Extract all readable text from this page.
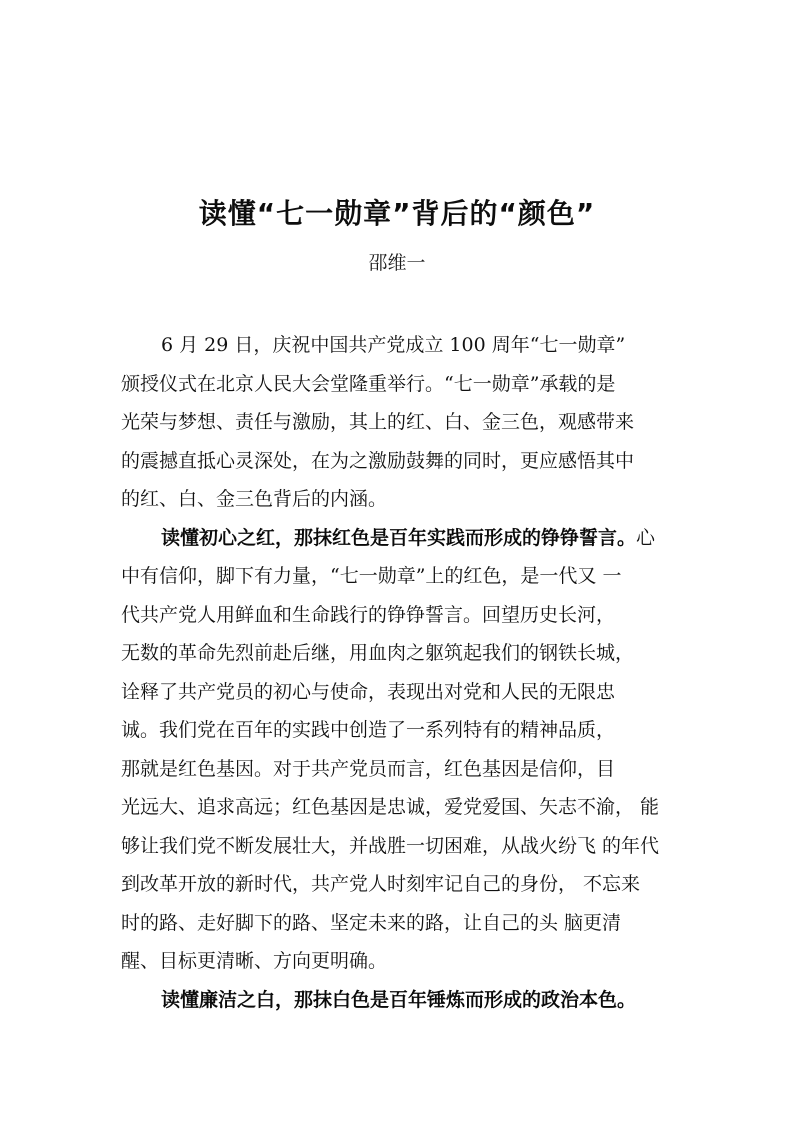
读懂“七一勋章”背后的“颜色”
邵维一
6 月 29 日，庆祝中国共产党成立 100 周年“七一勋章”
颁授仪式在北京人民大会堂隆重举行。“七一勋章”承载的是
光荣与梦想、责任与激励，其上的红、白、金三色，观感带来
的震撼直抵心灵深处，在为之激励鼓舞的同时，更应感悟其中
的红、白、金三色背后的内涵。
读懂初心之红，那抹红色是百年实践而形成的铮铮誓言。心
中有信仰，脚下有力量，“七一勋章”上的红色，是一代又 一
代共产党人用鲜血和生命践行的铮铮誓言。回望历史长河，
无数的革命先烈前赴后继，用血肉之躯筑起我们的钢铁长城，
诠释了共产党员的初心与使命，表现出对党和人民的无限忠
诚。我们党在百年的实践中创造了一系列特有的精神品质，
那就是红色基因。对于共产党员而言，红色基因是信仰，目
光远大、追求高远；红色基因是忠诚，爱党爱国、矢志不渝， 能
够让我们党不断发展壮大，并战胜一切困难，从战火纷飞 的年代
到改革开放的新时代，共产党人时刻牢记自己的身份， 不忘来
时的路、走好脚下的路、坚定未来的路，让自己的头 脑更清
醒、目标更清晰、方向更明确。
读懂廉洁之白，那抹白色是百年锤炼而形成的政治本色。
